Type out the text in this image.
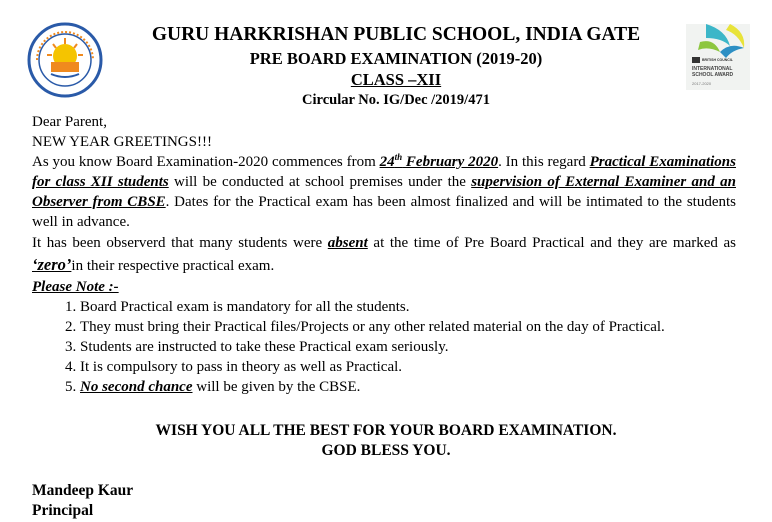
INTERNATIONAL
SCHOOL AWARD
2017-2020
BRITISH COUNCIL
GURU HARKRISHAN PUBLIC SCHOOL, INDIA GATE
PRE BOARD EXAMINATION (2019-20)
CLASS –XII
Circular No. IG/Dec /2019/471

Dear Parent,

NEW YEAR GREETINGS!!!

As you know Board Examination-2020 commences from 24th February 2020. In this regard Practical Examinations for class XII students will be conducted at school premises under the supervision of External Examiner and an Observer from CBSE. Dates for the Practical exam has been almost finalized and will be intimated to the students well in advance.

It has been observerd that many students were absent at the time of Pre Board Practical and they are marked as ‘zero’in their respective practical exam.

Please Note :-

1. Board Practical exam is mandatory for all the students.
2. They must bring their Practical files/Projects or any other related material on the day of Practical.
3. Students are instructed to take these Practical exam seriously.
4. It is compulsory to pass in theory as well as Practical.
5. No second chance will be given by the CBSE.
WISH YOU ALL THE BEST FOR YOUR BOARD EXAMINATION.
GOD BLESS YOU.
Mandeep Kaur
Principal
